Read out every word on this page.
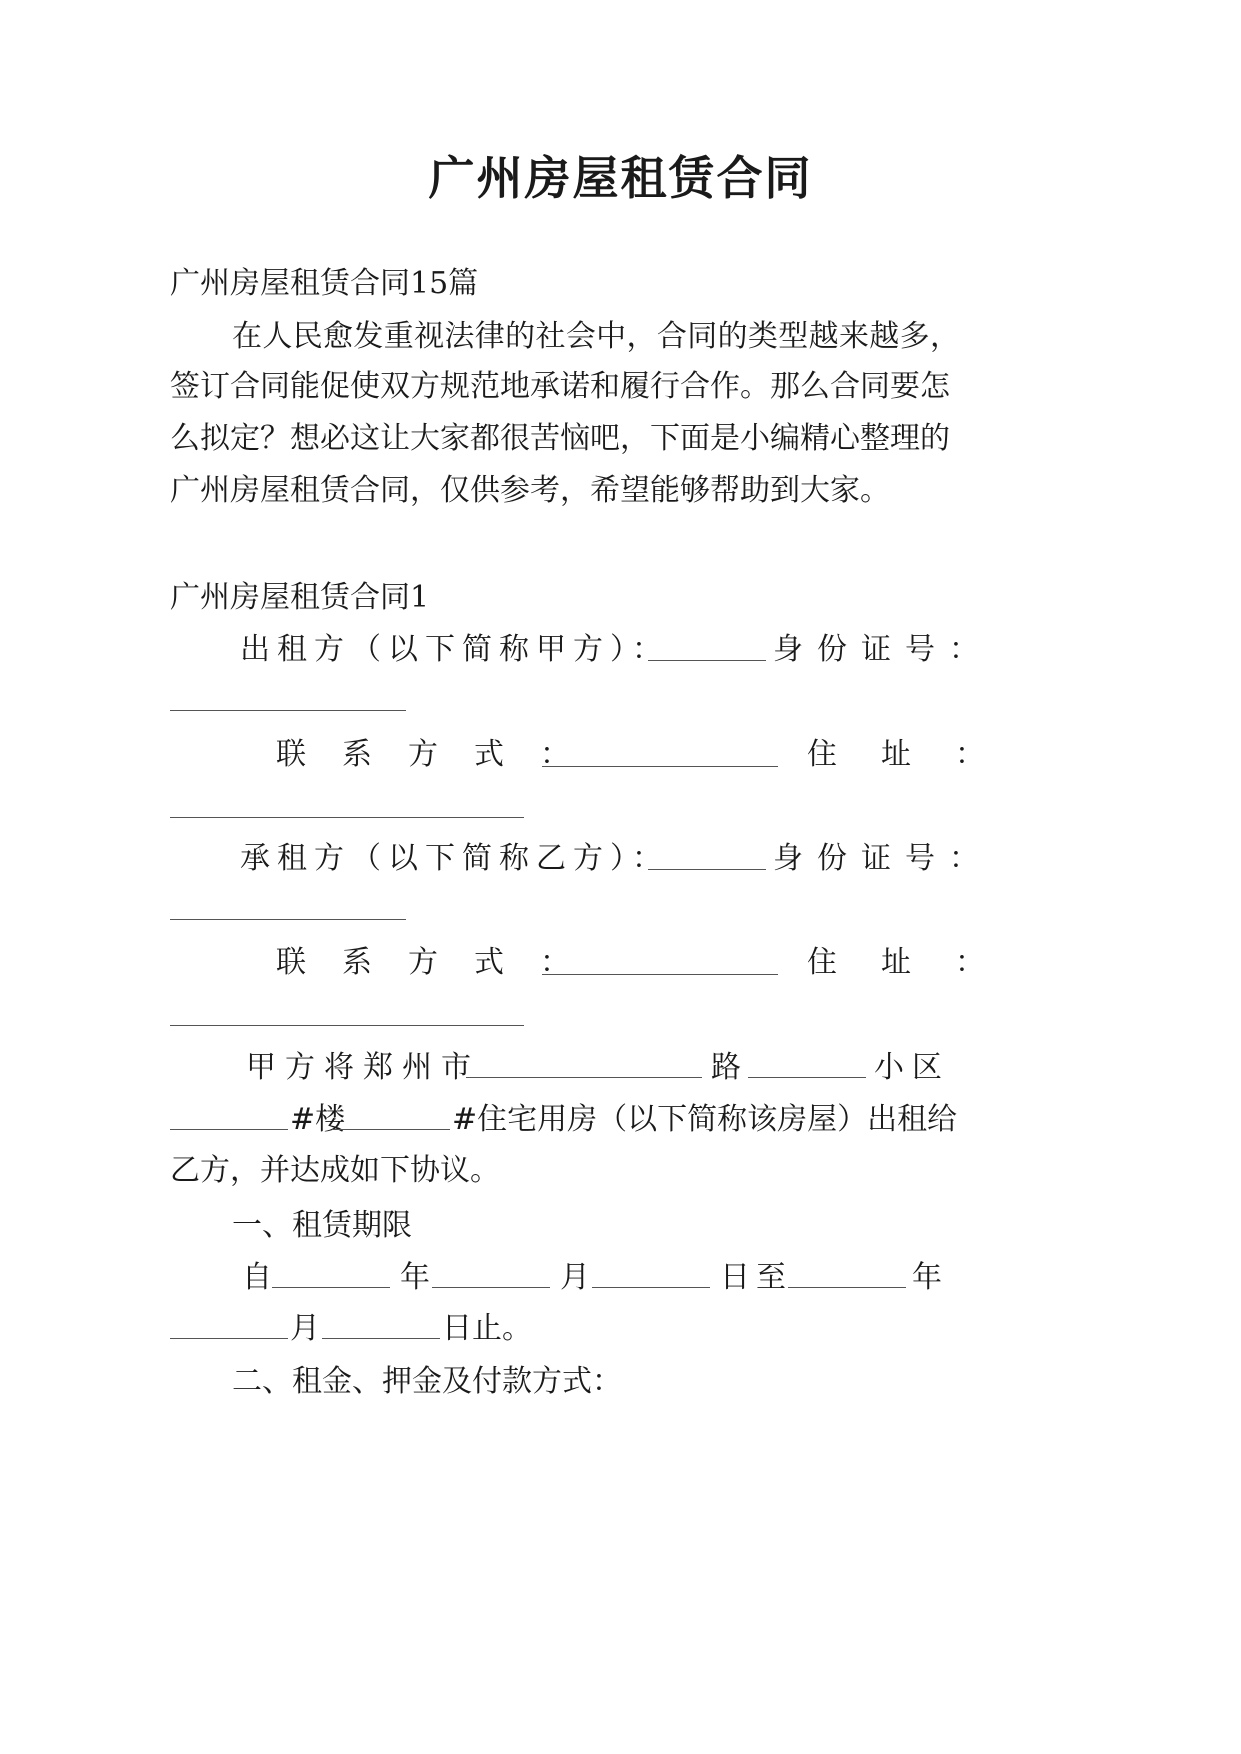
广州房屋租赁合同
广州房屋租赁合同15篇
在人民愈发重视法律的社会中，合同的类型越来越多，
签订合同能促使双方规范地承诺和履行合作。那么合同要怎
么拟定？想必这让大家都很苦恼吧，下面是小编精心整理的
广州房屋租赁合同，仅供参考，希望能够帮助到大家。
广州房屋租赁合同1
出租方（以下简称甲方）：	身份证号：
联系方式：	住址：
承租方（以下简称乙方）：	身份证号：
联系方式：	住址：
甲方将郑州市	路	小区
#楼	#住宅用房（以下简称该房屋）出租给
乙方，并达成如下协议。
一、租赁期限
自	年	月	日至	年
月	日止。
二、租金、押金及付款方式：
